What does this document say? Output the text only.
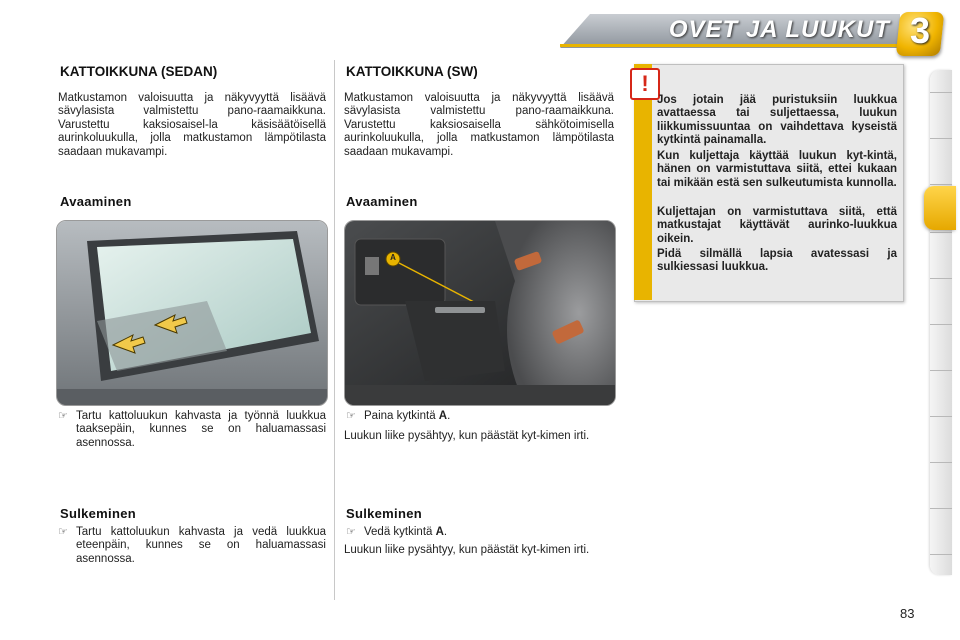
OVET JA LUUKUT 3
KATTOIKKUNA (SEDAN)
Matkustamon valoisuutta ja näkyvyyttä lisäävä sävylasista valmistettu pano-raamaikkuna. Varustettu kaksiosaisel-la käsisäätöisellä aurinkoluukulla, jolla matkustamon lämpötilasta saadaan mukavampi.
Avaaminen
☞ Tartu kattoluukun kahvasta ja työnnä luukkua taaksepäin, kunnes se on haluamassasi asennossa.
Sulkeminen
☞ Tartu kattoluukun kahvasta ja vedä luukkua eteenpäin, kunnes se on haluamassasi asennossa.
KATTOIKKUNA (SW)
Matkustamon valoisuutta ja näkyvyyttä lisäävä sävylasista valmistettu pano-raamaikkuna. Varustettu kaksiosaisella sähkötoimisella aurinkoluukulla, jolla matkustamon lämpötilasta saadaan mukavampi.
Avaaminen
A
☞ Paina kytkintä A.
Luukun liike pysähtyy, kun päästät kyt-kimen irti.
Sulkeminen
☞ Vedä kytkintä A.
Luukun liike pysähtyy, kun päästät kyt-kimen irti.
!
Jos jotain jää puristuksiin luukkua avattaessa tai suljettaessa, luukun liikkumissuuntaa on vaihdettava kyseistä kytkintä painamalla.
Kun kuljettaja käyttää luukun kyt-kintä, hänen on varmistuttava siitä, ettei kukaan tai mikään estä sen sulkeutumista kunnolla.
Kuljettajan on varmistuttava siitä, että matkustajat käyttävät aurinko-luukkua oikein.
Pidä silmällä lapsia avatessasi ja sulkiessasi luukkua.
83
